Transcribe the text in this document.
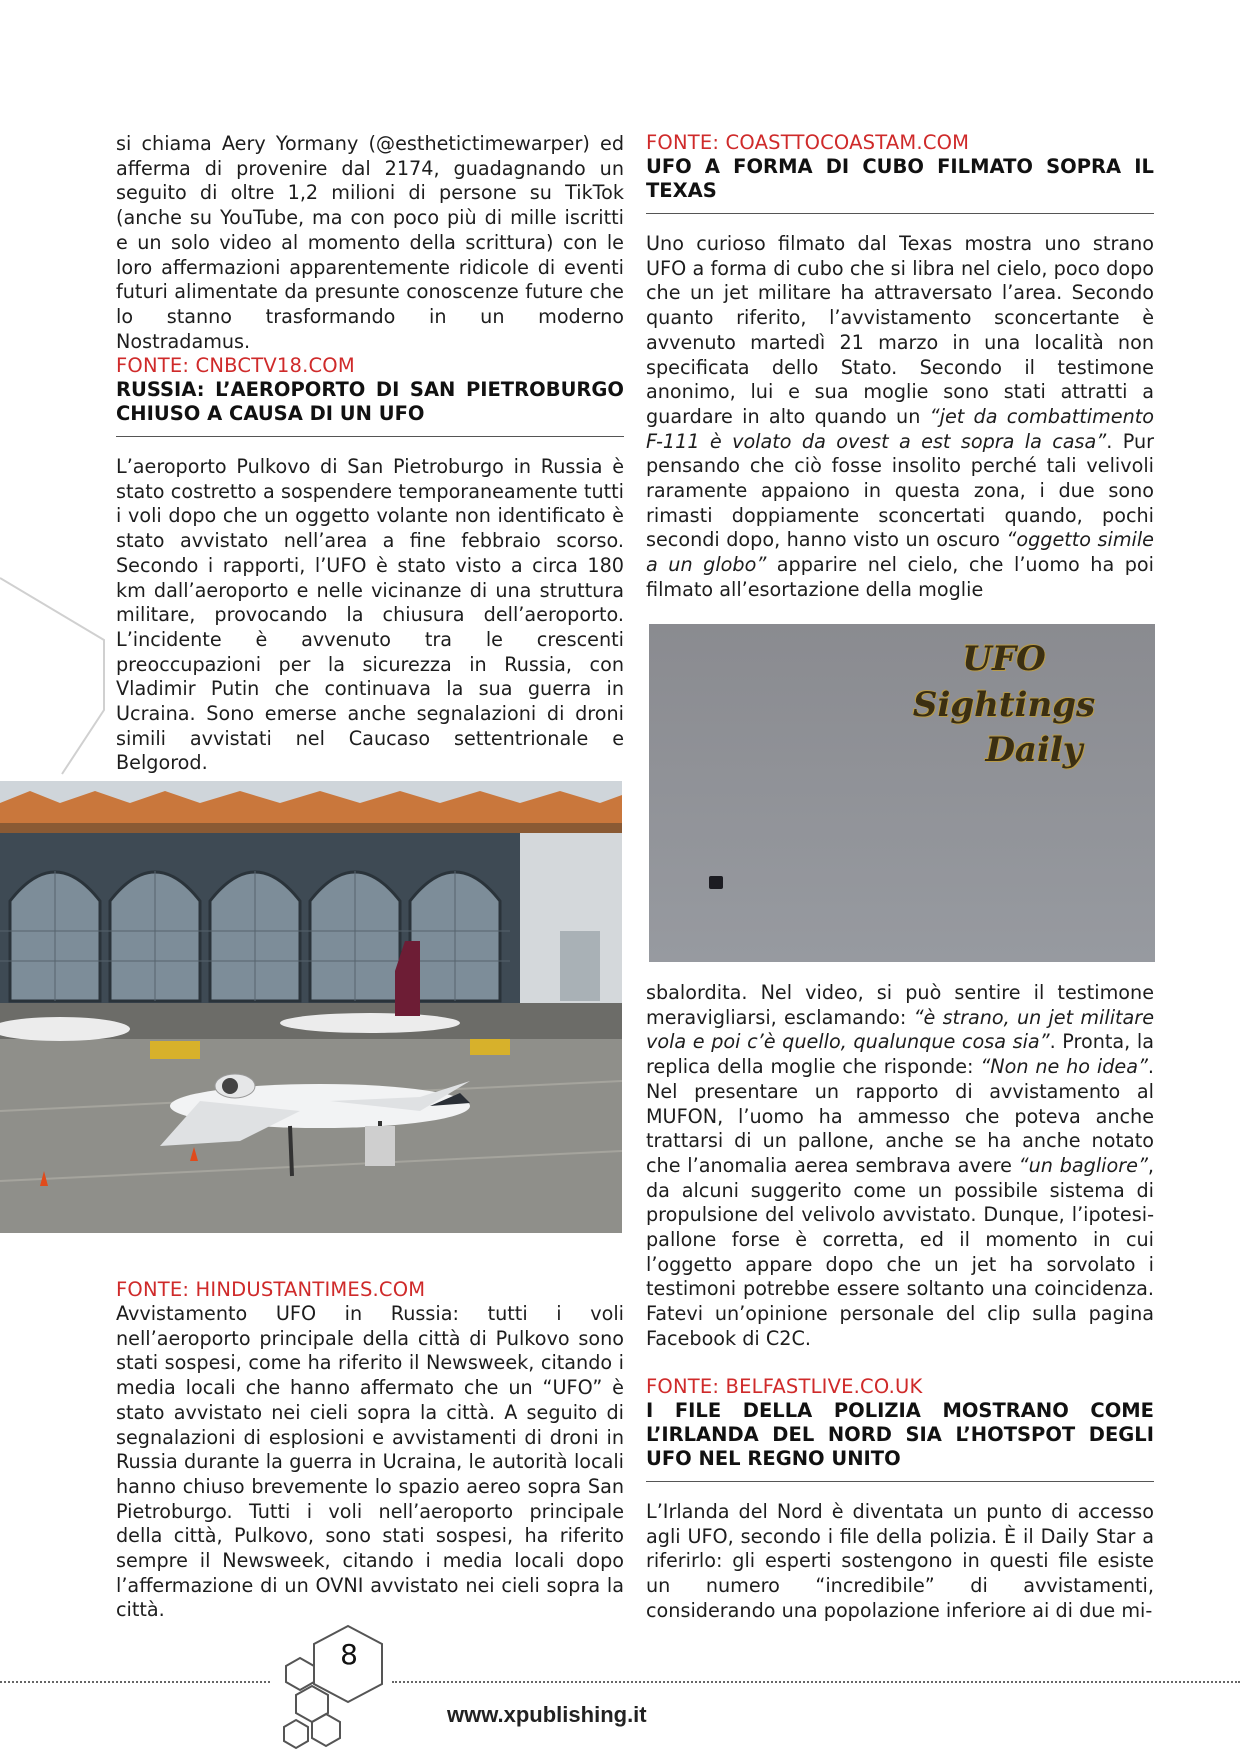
si chiama Aery Yormany (@esthetictimewarper) ed afferma di provenire dal 2174, guadagnando un seguito di oltre 1,2 milioni di persone su TikTok (anche su YouTube, ma con poco più di mille iscritti e un solo video al momento della scrittura) con le loro affermazioni apparentemente ridicole di eventi futuri alimentate da presunte conoscenze future che lo stanno trasformando in un moderno Nostradamus.

FONTE: CNBCTV18.COM

RUSSIA: L’AEROPORTO DI SAN PIETROBURGO CHIUSO A CAUSA DI UN UFO

L’aeroporto Pulkovo di San Pietroburgo in Russia è stato costretto a sospendere temporaneamente tutti i voli dopo che un oggetto volante non identificato è stato avvistato nell’area a fine febbraio scorso. Secondo i rapporti, l’UFO è stato visto a circa 180 km dall’aeroporto e nelle vicinanze di una struttura militare, provocando la chiusura dell’aeroporto. L’incidente è avvenuto tra le crescenti preoccupazioni per la sicurezza in Russia, con Vladimir Putin che continuava la sua guerra in Ucraina. Sono emerse anche segnalazioni di droni simili avvistati nel Caucaso settentrionale e Belgorod.

FONTE: HINDUSTANTIMES.COM

Avvistamento UFO in Russia: tutti i voli nell’aeroporto principale della città di Pulkovo sono stati sospesi, come ha riferito il Newsweek, citando i media locali che hanno affermato che un “UFO” è stato avvistato nei cieli sopra la città. A seguito di segnalazioni di esplosioni e avvistamenti di droni in Russia durante la guerra in Ucraina, le autorità locali hanno chiuso brevemente lo spazio aereo sopra San Pietroburgo. Tutti i voli nell’aeroporto principale della città, Pulkovo, sono stati sospesi, ha riferito sempre il Newsweek, citando i media locali dopo l’affermazione di un OVNI avvistato nei cieli sopra la città.

FONTE: COASTTOCOASTAM.COM

UFO A FORMA DI CUBO FILMATO SOPRA IL TEXAS

Uno curioso filmato dal Texas mostra uno strano UFO a forma di cubo che si libra nel cielo, poco dopo che un jet militare ha attraversato l’area. Secondo quanto riferito, l’avvistamento sconcertante è avvenuto martedì 21 marzo in una località non specificata dello Stato. Secondo il testimone anonimo, lui e sua moglie sono stati attratti a guardare in alto quando un “jet da combattimento F-111 è volato da ovest a est sopra la casa”. Pur pensando che ciò fosse insolito perché tali velivoli raramente appaiono in questa zona, i due sono rimasti doppiamente sconcertati quando, pochi secondi dopo, hanno visto un oscuro “oggetto simile a un globo” apparire nel cielo, che l’uomo ha poi filmato all’esortazione della moglie

UFO Sightings
Daily

sbalordita. Nel video, si può sentire il testimone meravigliarsi, esclamando: “è strano, un jet militare vola e poi c’è quello, qualunque cosa sia”. Pronta, la replica della moglie che risponde: “Non ne ho idea”. Nel presentare un rapporto di avvistamento al MUFON, l’uomo ha ammesso che poteva anche trattarsi di un pallone, anche se ha anche notato che l’anomalia aerea sembrava avere “un bagliore”, da alcuni suggerito come un possibile sistema di propulsione del velivolo avvistato. Dunque, l’ipotesi-pallone forse è corretta, ed il momento in cui l’oggetto appare dopo che un jet ha sorvolato i testimoni potrebbe essere soltanto una coincidenza. Fatevi un’opinione personale del clip sulla pagina Facebook di C2C.

FONTE: BELFASTLIVE.CO.UK

I FILE DELLA POLIZIA MOSTRANO COME L’IRLANDA DEL NORD SIA L’HOTSPOT DEGLI UFO NEL REGNO UNITO

L’Irlanda del Nord è diventata un punto di accesso agli UFO, secondo i file della polizia. È il Daily Star a riferirlo: gli esperti sostengono in questi file esiste un numero “incredibile” di avvistamenti, considerando una popolazione inferiore ai di due mi-

8
www.xpublishing.it
